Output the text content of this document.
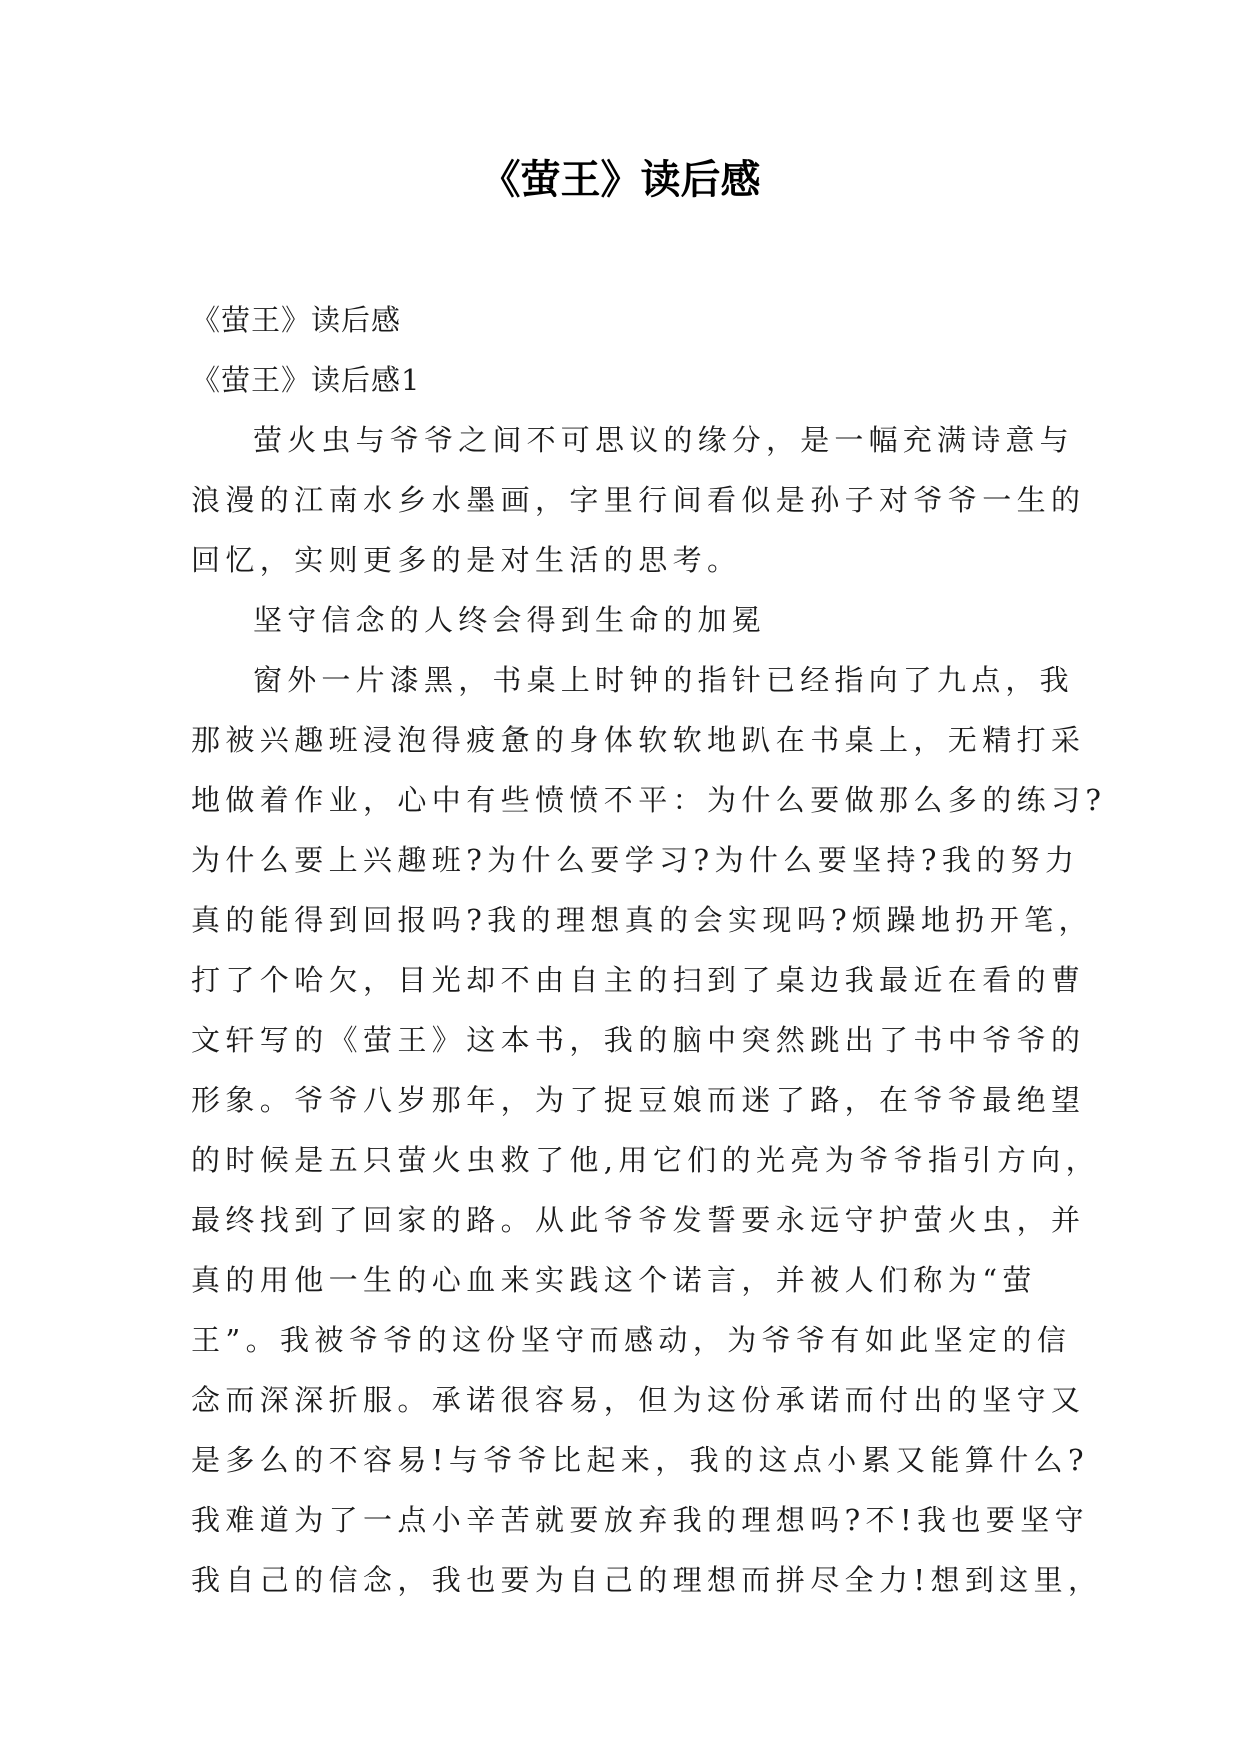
《萤王》读后感
《萤王》读后感
《萤王》读后感1
萤火虫与爷爷之间不可思议的缘分，是一幅充满诗意与
浪漫的江南水乡水墨画，字里行间看似是孙子对爷爷一生的
回忆，实则更多的是对生活的思考。
坚守信念的人终会得到生命的加冕
窗外一片漆黑，书桌上时钟的指针已经指向了九点，我
那被兴趣班浸泡得疲惫的身体软软地趴在书桌上，无精打采
地做着作业，心中有些愤愤不平：为什么要做那么多的练习?
为什么要上兴趣班?为什么要学习?为什么要坚持?我的努力
真的能得到回报吗?我的理想真的会实现吗?烦躁地扔开笔，
打了个哈欠，目光却不由自主的扫到了桌边我最近在看的曹
文轩写的《萤王》这本书，我的脑中突然跳出了书中爷爷的
形象。爷爷八岁那年，为了捉豆娘而迷了路，在爷爷最绝望
的时候是五只萤火虫救了他,用它们的光亮为爷爷指引方向，
最终找到了回家的路。从此爷爷发誓要永远守护萤火虫，并
真的用他一生的心血来实践这个诺言，并被人们称为“萤
王”。我被爷爷的这份坚守而感动，为爷爷有如此坚定的信
念而深深折服。承诺很容易，但为这份承诺而付出的坚守又
是多么的不容易!与爷爷比起来，我的这点小累又能算什么?
我难道为了一点小辛苦就要放弃我的理想吗?不!我也要坚守
我自己的信念，我也要为自己的理想而拼尽全力!想到这里，
